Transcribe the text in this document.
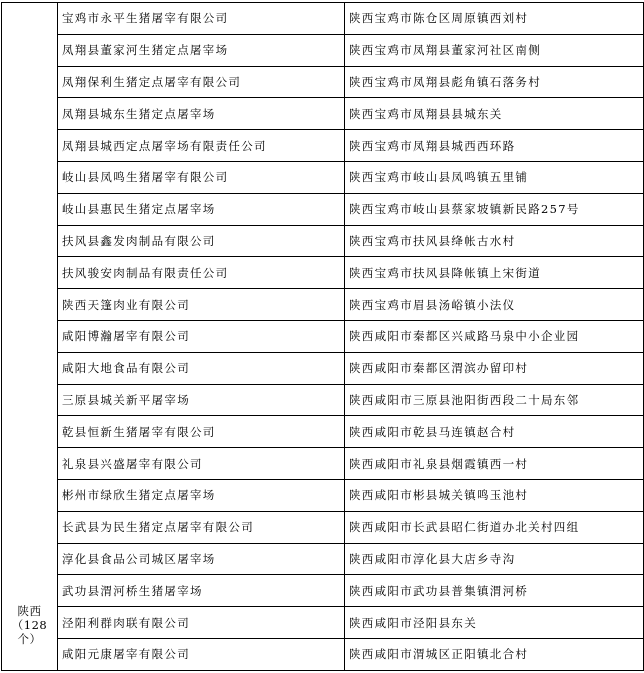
陕西
（128
个）	宝鸡市永平生猪屠宰有限公司	陕西宝鸡市陈仓区周原镇西刘村
	凤翔县董家河生猪定点屠宰场	陕西宝鸡市凤翔县董家河社区南侧
	凤翔保利生猪定点屠宰有限公司	陕西宝鸡市凤翔县彪角镇石落务村
	凤翔县城东生猪定点屠宰场	陕西宝鸡市凤翔县县城东关
	凤翔县城西定点屠宰场有限责任公司	陕西宝鸡市凤翔县城西西环路
	岐山县凤鸣生猪屠宰有限公司	陕西宝鸡市岐山县凤鸣镇五里铺
	岐山县惠民生猪定点屠宰场	陕西宝鸡市岐山县蔡家坡镇新民路257号
	扶风县鑫发肉制品有限公司	陕西宝鸡市扶风县绛帐古水村
	扶风骏安肉制品有限责任公司	陕西宝鸡市扶风县降帐镇上宋街道
	陕西天篷肉业有限公司	陕西宝鸡市眉县汤峪镇小法仪
	咸阳博瀚屠宰有限公司	陕西咸阳市秦都区兴咸路马泉中小企业园
	咸阳大地食品有限公司	陕西咸阳市秦都区渭滨办留印村
	三原县城关新平屠宰场	陕西咸阳市三原县池阳街西段二十局东邻
	乾县恒新生猪屠宰有限公司	陕西咸阳市乾县马连镇赵合村
	礼泉县兴盛屠宰有限公司	陕西咸阳市礼泉县烟霞镇西一村
	彬州市绿欣生猪定点屠宰场	陕西咸阳市彬县城关镇鸣玉池村
	长武县为民生猪定点屠宰有限公司	陕西咸阳市长武县昭仁街道办北关村四组
	淳化县食品公司城区屠宰场	陕西咸阳市淳化县大店乡寺沟
	武功县渭河桥生猪屠宰场	陕西咸阳市武功县普集镇渭河桥
	泾阳利群肉联有限公司	陕西咸阳市泾阳县东关
	咸阳元康屠宰有限公司	陕西咸阳市渭城区正阳镇北合村
